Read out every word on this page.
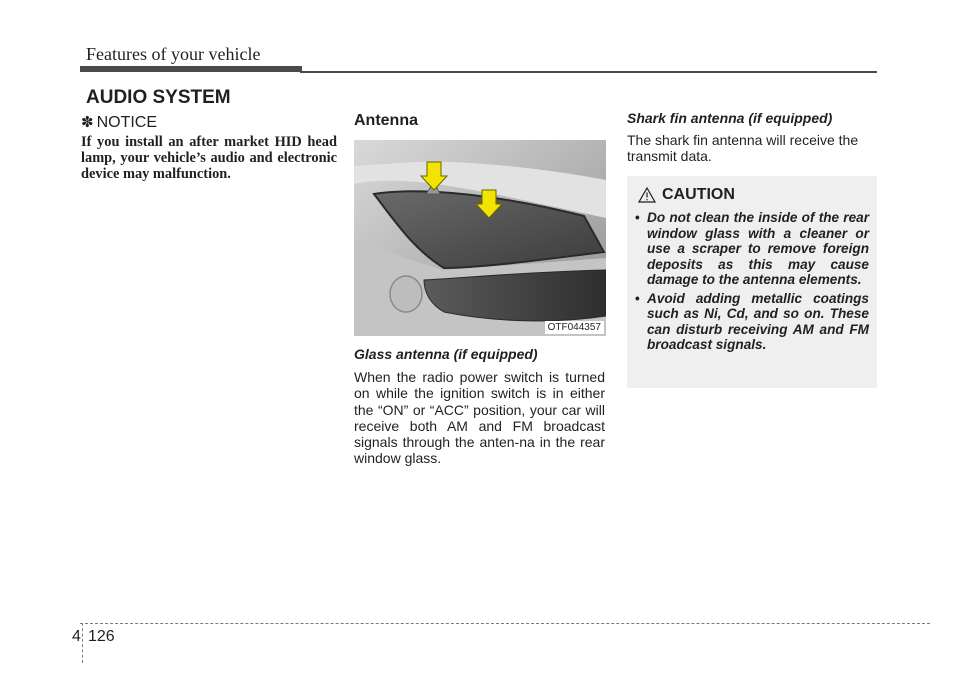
Features of your vehicle
AUDIO SYSTEM
✽ NOTICE
If you install an after market HID head lamp, your vehicle’s audio and electronic device may malfunction.
Antenna
OTF044357
Glass antenna (if equipped)
When the radio power switch is turned on while the ignition switch is in either the “ON” or “ACC” position, your car will receive both AM and FM broadcast signals through the anten-na in the rear window glass.
Shark fin antenna (if equipped)
The shark fin antenna will receive the transmit data.
CAUTION
• Do not clean the inside of the rear window glass with a cleaner or use a scraper to remove foreign deposits as this may cause damage to the antenna elements.
• Avoid adding metallic coatings such as Ni, Cd, and so on. These can disturb receiving AM and FM broadcast signals.
4 126
